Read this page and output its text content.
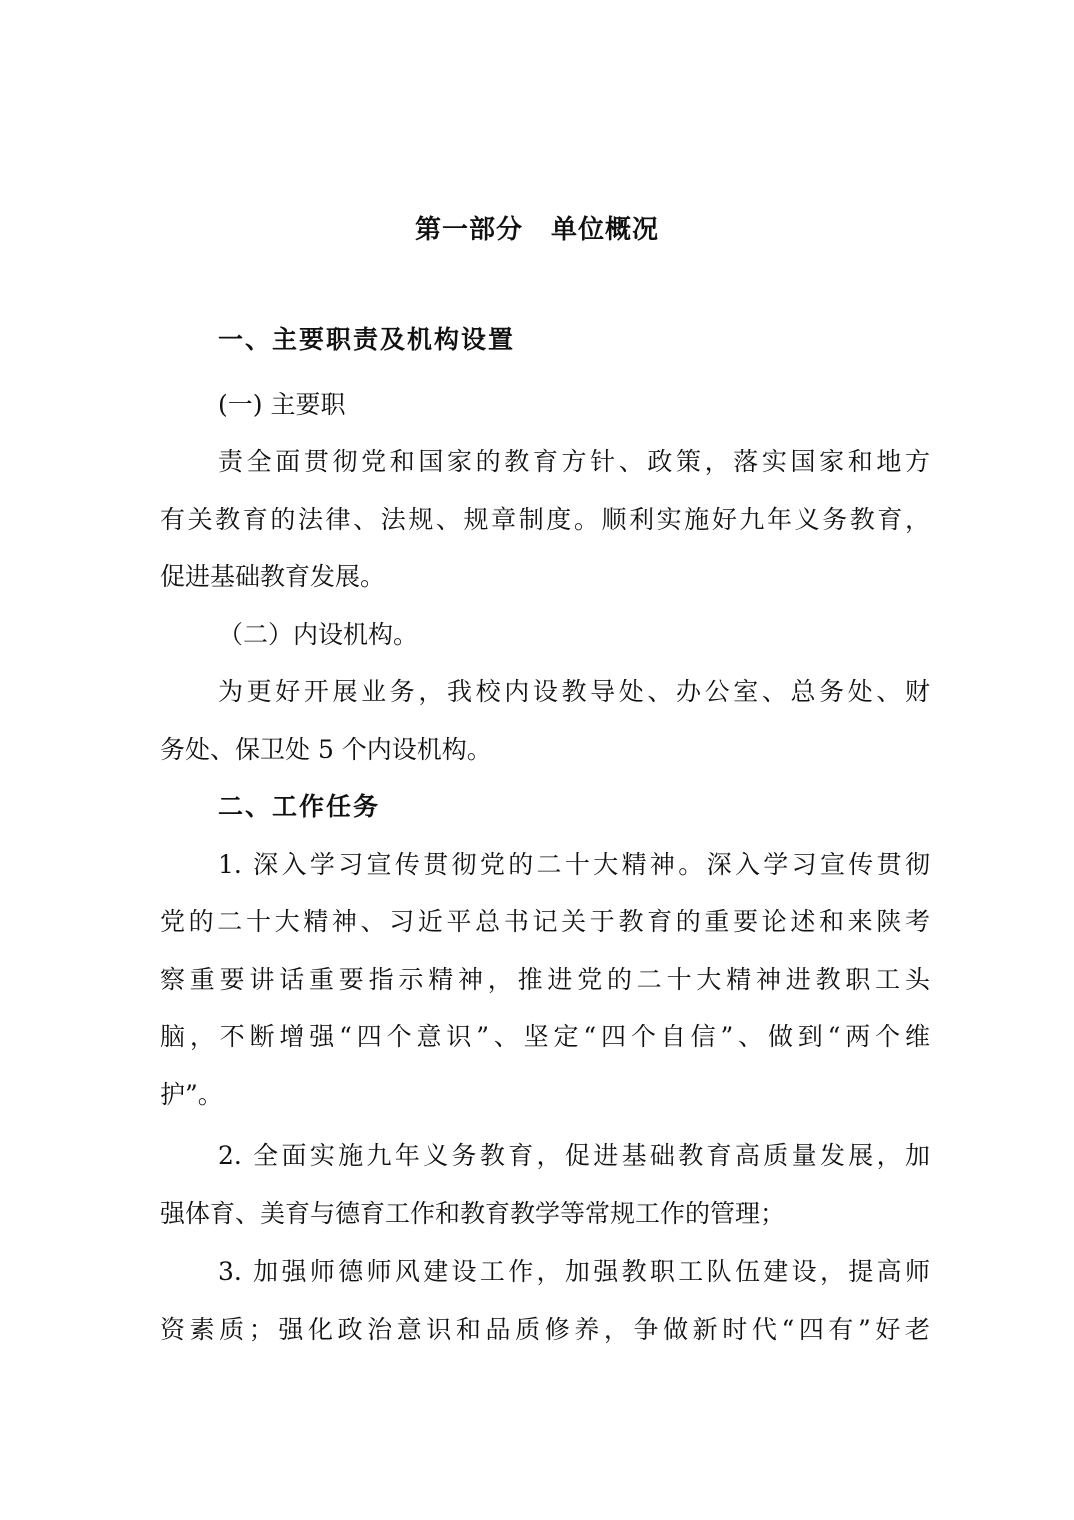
第一部分 单位概况

一、主要职责及机构设置

(一) 主要职

责全面贯彻党和国家的教育方针、政策，落实国家和地方

有关教育的法律、法规、规章制度。顺利实施好九年义务教育，

促进基础教育发展。

（二）内设机构。

为更好开展业务，我校内设教导处、办公室、总务处、财

务处、保卫处 5 个内设机构。

二、工作任务

1. 深入学习宣传贯彻党的二十大精神。深入学习宣传贯彻

党的二十大精神、习近平总书记关于教育的重要论述和来陕考

察重要讲话重要指示精神，推进党的二十大精神进教职工头

脑，不断增强“四个意识”、坚定“四个自信”、做到“两个维

护”。

2. 全面实施九年义务教育，促进基础教育高质量发展，加

强体育、美育与德育工作和教育教学等常规工作的管理；

3. 加强师德师风建设工作，加强教职工队伍建设，提高师

资素质；强化政治意识和品质修养，争做新时代“四有”好老
